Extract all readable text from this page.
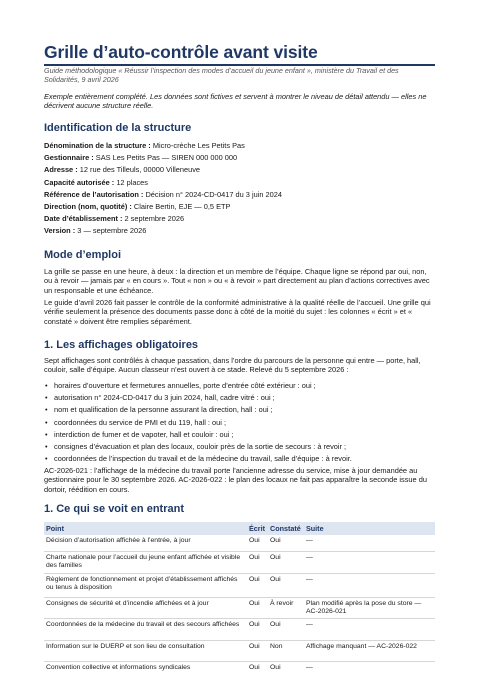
Grille d’auto-contrôle avant visite

Guide méthodologique « Réussir l’inspection des modes d’accueil du jeune enfant », ministère du Travail et des Solidarités, 9 avril 2026

Exemple entièrement complété. Les données sont fictives et servent à montrer le niveau de détail attendu — elles ne décrivent aucune structure réelle.

Identification de la structure
Dénomination de la structure : Micro-crèche Les Petits Pas
Gestionnaire : SAS Les Petits Pas — SIREN 000 000 000
Adresse : 12 rue des Tilleuls, 00000 Villeneuve
Capacité autorisée : 12 places
Référence de l’autorisation : Décision n° 2024-CD-0417 du 3 juin 2024
Direction (nom, quotité) : Claire Bertin, EJE — 0,5 ETP
Date d’établissement : 2 septembre 2026
Version : 3 — septembre 2026
Mode d’emploi

La grille se passe en une heure, à deux : la direction et un membre de l’équipe. Chaque ligne se répond par oui, non, ou à revoir — jamais par « en cours ». Tout « non » ou « à revoir » part directement au plan d’actions correctives avec un responsable et une échéance.

Le guide d’avril 2026 fait passer le contrôle de la conformité administrative à la qualité réelle de l’accueil. Une grille qui vérifie seulement la présence des documents passe donc à côté de la moitié du sujet : les colonnes « écrit » et « constaté » doivent être remplies séparément.

1. Les affichages obligatoires

Sept affichages sont contrôlés à chaque passation, dans l’ordre du parcours de la personne qui entre — porte, hall, couloir, salle d’équipe. Aucun classeur n’est ouvert à ce stade. Relevé du 5 septembre 2026 :

• horaires d’ouverture et fermetures annuelles, porte d’entrée côté extérieur : oui ;
• autorisation n° 2024-CD-0417 du 3 juin 2024, hall, cadre vitré : oui ;
• nom et qualification de la personne assurant la direction, hall : oui ;
• coordonnées du service de PMI et du 119, hall : oui ;
• interdiction de fumer et de vapoter, hall et couloir : oui ;
• consignes d’évacuation et plan des locaux, couloir près de la sortie de secours : à revoir ;
• coordonnées de l’inspection du travail et de la médecine du travail, salle d’équipe : à revoir.

AC-2026-021 : l’affichage de la médecine du travail porte l’ancienne adresse du service, mise à jour demandée au gestionnaire pour le 30 septembre 2026. AC-2026-022 : le plan des locaux ne fait pas apparaître la seconde issue du dortoir, réédition en cours.

1. Ce qui se voit en entrant
Point	Écrit	Constaté	Suite
Décision d’autorisation affichée à l’entrée, à jour	Oui	Oui	—
Charte nationale pour l’accueil du jeune enfant affichée et visible des familles	Oui	Oui	—
Règlement de fonctionnement et projet d’établissement affichés ou tenus à disposition	Oui	Oui	—
Consignes de sécurité et d’incendie affichées et à jour	Oui	À revoir	Plan modifié après la pose du store — AC-2026-021
Coordonnées de la médecine du travail et des secours affichées	Oui	Oui	—
Information sur le DUERP et son lieu de consultation	Oui	Non	Affichage manquant — AC-2026-022
Convention collective et informations syndicales	Oui	Oui	—
